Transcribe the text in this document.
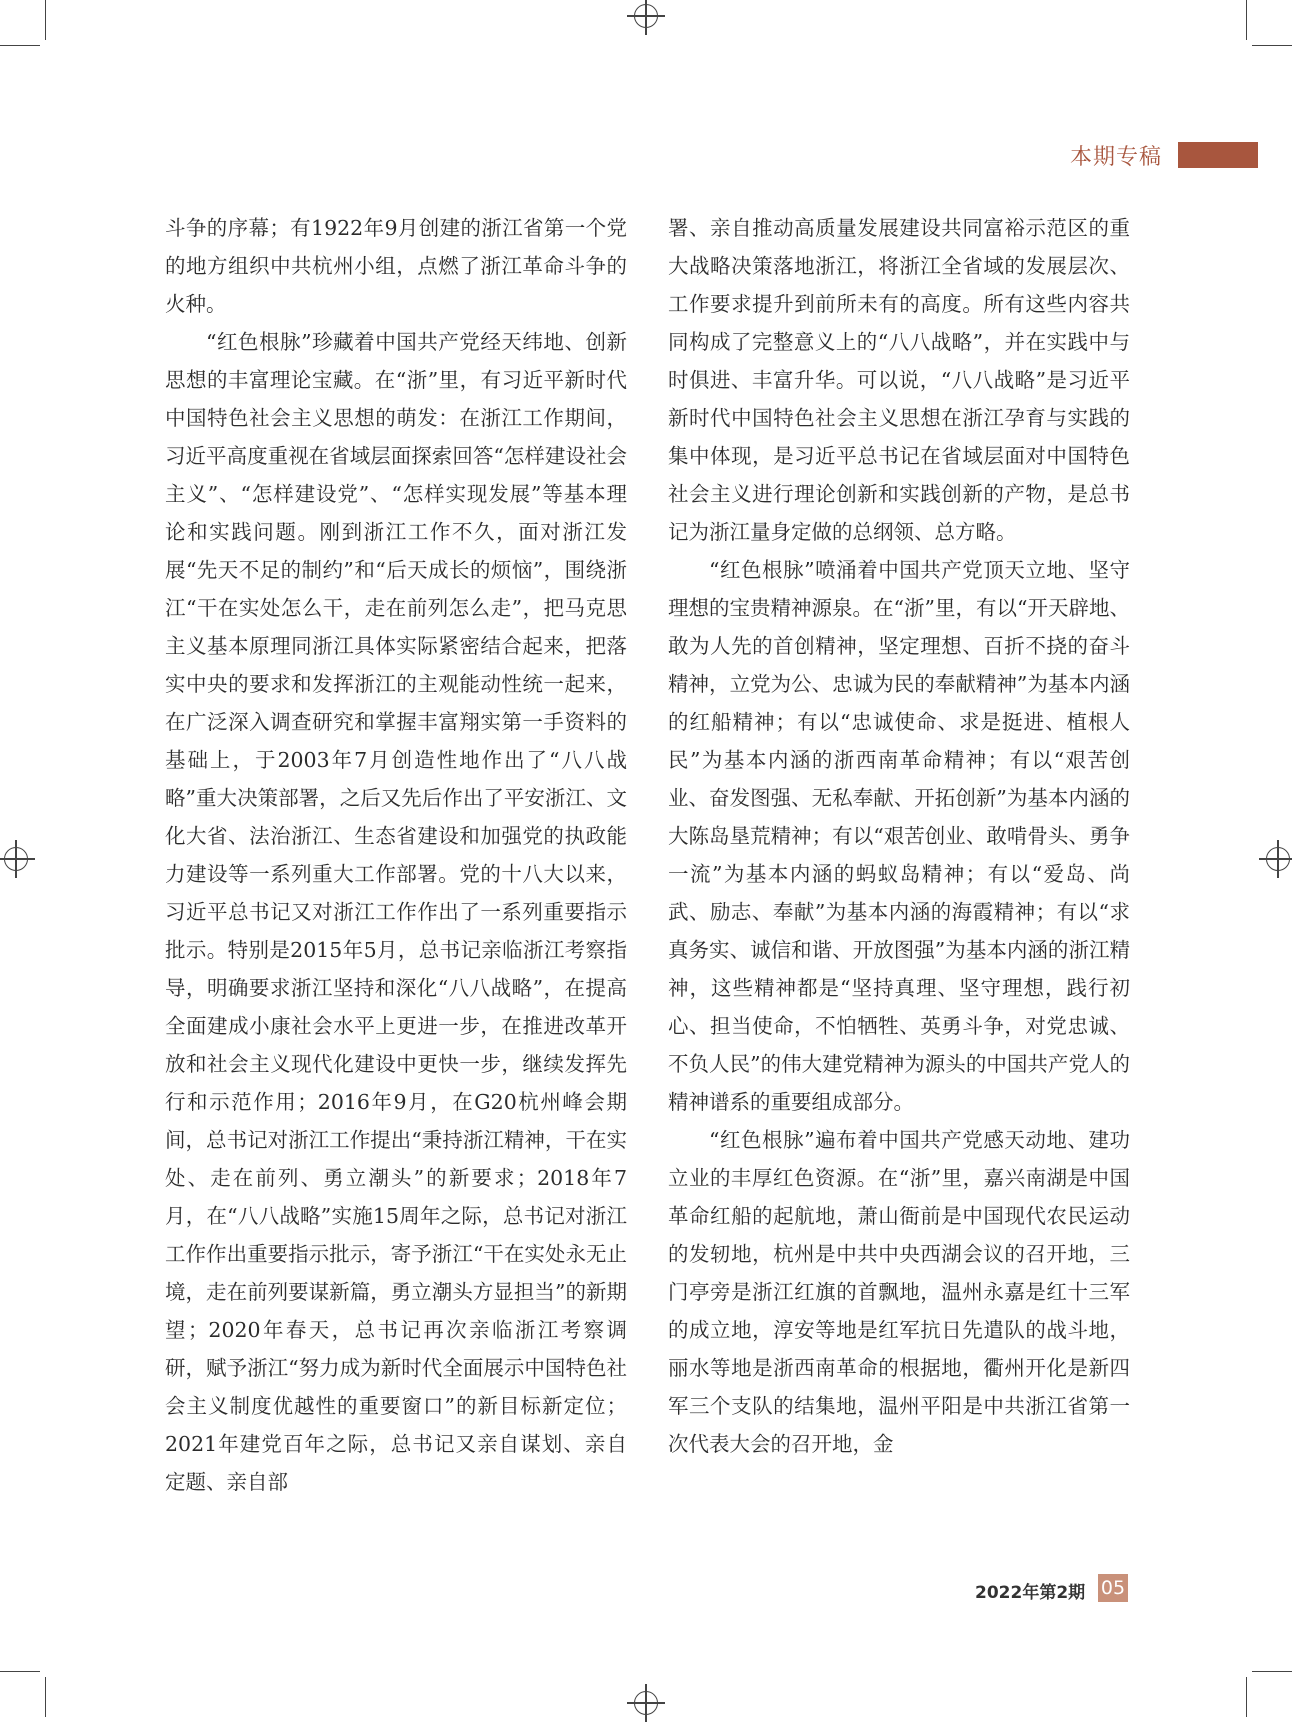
本期专稿

斗争的序幕；有1922年9月创建的浙江省第一个党的地方组织中共杭州小组，点燃了浙江革命斗争的火种。

“红色根脉”珍藏着中国共产党经天纬地、创新思想的丰富理论宝藏。在“浙”里，有习近平新时代中国特色社会主义思想的萌发：在浙江工作期间，习近平高度重视在省域层面探索回答“怎样建设社会主义”、“怎样建设党”、“怎样实现发展”等基本理论和实践问题。刚到浙江工作不久，面对浙江发展“先天不足的制约”和“后天成长的烦恼”，围绕浙江“干在实处怎么干，走在前列怎么走”，把马克思主义基本原理同浙江具体实际紧密结合起来，把落实中央的要求和发挥浙江的主观能动性统一起来，在广泛深入调查研究和掌握丰富翔实第一手资料的基础上，于2003年7月创造性地作出了“八八战略”重大决策部署，之后又先后作出了平安浙江、文化大省、法治浙江、生态省建设和加强党的执政能力建设等一系列重大工作部署。党的十八大以来，习近平总书记又对浙江工作作出了一系列重要指示批示。特别是2015年5月，总书记亲临浙江考察指导，明确要求浙江坚持和深化“八八战略”，在提高全面建成小康社会水平上更进一步，在推进改革开放和社会主义现代化建设中更快一步，继续发挥先行和示范作用；2016年9月，在G20杭州峰会期间，总书记对浙江工作提出“秉持浙江精神，干在实处、走在前列、勇立潮头”的新要求；2018年7月，在“八八战略”实施15周年之际，总书记对浙江工作作出重要指示批示，寄予浙江“干在实处永无止境，走在前列要谋新篇，勇立潮头方显担当”的新期望；2020年春天，总书记再次亲临浙江考察调研，赋予浙江“努力成为新时代全面展示中国特色社会主义制度优越性的重要窗口”的新目标新定位；2021年建党百年之际，总书记又亲自谋划、亲自定题、亲自部

署、亲自推动高质量发展建设共同富裕示范区的重大战略决策落地浙江，将浙江全省域的发展层次、工作要求提升到前所未有的高度。所有这些内容共同构成了完整意义上的“八八战略”，并在实践中与时俱进、丰富升华。可以说，“八八战略”是习近平新时代中国特色社会主义思想在浙江孕育与实践的集中体现，是习近平总书记在省域层面对中国特色社会主义进行理论创新和实践创新的产物，是总书记为浙江量身定做的总纲领、总方略。

“红色根脉”喷涌着中国共产党顶天立地、坚守理想的宝贵精神源泉。在“浙”里，有以“开天辟地、敢为人先的首创精神，坚定理想、百折不挠的奋斗精神，立党为公、忠诚为民的奉献精神”为基本内涵的红船精神；有以“忠诚使命、求是挺进、植根人民”为基本内涵的浙西南革命精神；有以“艰苦创业、奋发图强、无私奉献、开拓创新”为基本内涵的大陈岛垦荒精神；有以“艰苦创业、敢啃骨头、勇争一流”为基本内涵的蚂蚁岛精神；有以“爱岛、尚武、励志、奉献”为基本内涵的海霞精神；有以“求真务实、诚信和谐、开放图强”为基本内涵的浙江精神，这些精神都是“坚持真理、坚守理想，践行初心、担当使命，不怕牺牲、英勇斗争，对党忠诚、不负人民”的伟大建党精神为源头的中国共产党人的精神谱系的重要组成部分。

“红色根脉”遍布着中国共产党感天动地、建功立业的丰厚红色资源。在“浙”里，嘉兴南湖是中国革命红船的起航地，萧山衙前是中国现代农民运动的发轫地，杭州是中共中央西湖会议的召开地，三门亭旁是浙江红旗的首飘地，温州永嘉是红十三军的成立地，淳安等地是红军抗日先遣队的战斗地，丽水等地是浙西南革命的根据地，衢州开化是新四军三个支队的结集地，温州平阳是中共浙江省第一次代表大会的召开地，金

2022年第2期 05
